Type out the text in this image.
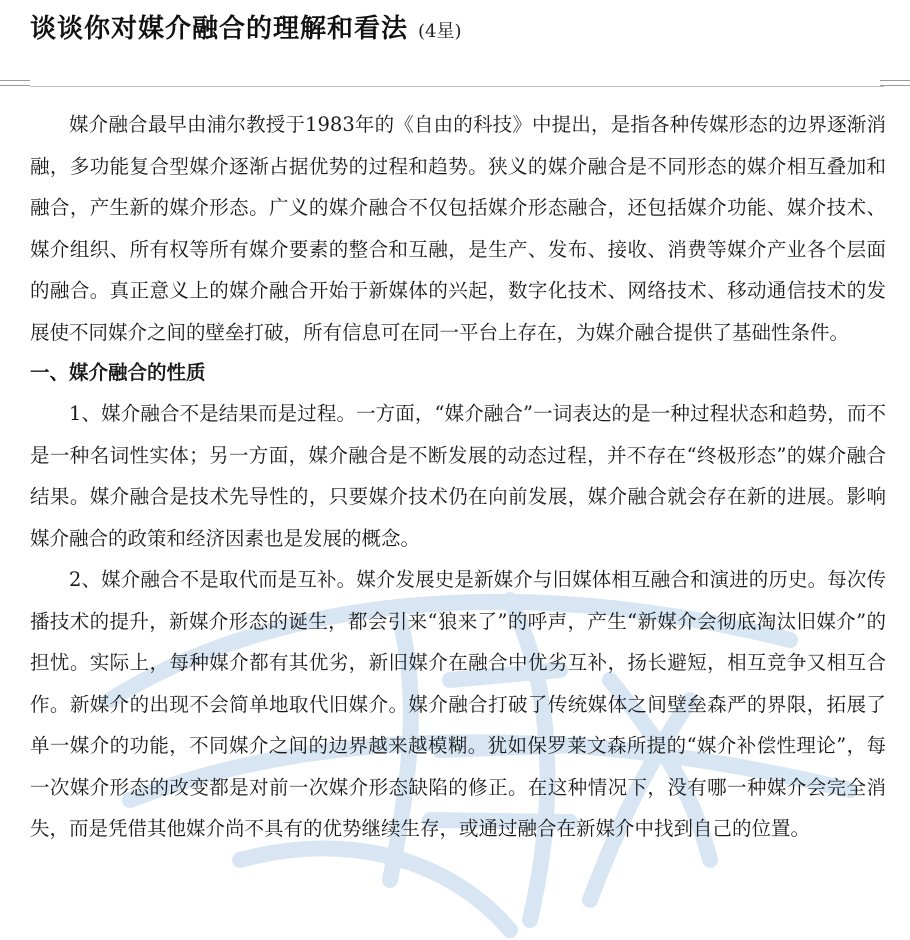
谈谈你对媒介融合的理解和看法 (4星)

媒介融合最早由浦尔教授于1983年的《自由的科技》中提出，是指各种传媒形态的边界逐渐消融，多功能复合型媒介逐渐占据优势的过程和趋势。狭义的媒介融合是不同形态的媒介相互叠加和融合，产生新的媒介形态。广义的媒介融合不仅包括媒介形态融合，还包括媒介功能、媒介技术、媒介组织、所有权等所有媒介要素的整合和互融，是生产、发布、接收、消费等媒介产业各个层面的融合。真正意义上的媒介融合开始于新媒体的兴起，数字化技术、网络技术、移动通信技术的发展使不同媒介之间的壁垒打破，所有信息可在同一平台上存在，为媒介融合提供了基础性条件。

一、媒介融合的性质

1、媒介融合不是结果而是过程。一方面，“媒介融合”一词表达的是一种过程状态和趋势，而不是一种名词性实体；另一方面，媒介融合是不断发展的动态过程，并不存在“终极形态”的媒介融合结果。媒介融合是技术先导性的，只要媒介技术仍在向前发展，媒介融合就会存在新的进展。影响媒介融合的政策和经济因素也是发展的概念。

2、媒介融合不是取代而是互补。媒介发展史是新媒介与旧媒体相互融合和演进的历史。每次传播技术的提升，新媒介形态的诞生，都会引来“狼来了”的呼声，产生“新媒介会彻底淘汰旧媒介”的担忧。实际上，每种媒介都有其优劣，新旧媒介在融合中优劣互补，扬长避短，相互竞争又相互合作。新媒介的出现不会简单地取代旧媒介。媒介融合打破了传统媒体之间壁垒森严的界限，拓展了单一媒介的功能，不同媒介之间的边界越来越模糊。犹如保罗莱文森所提的“媒介补偿性理论”，每一次媒介形态的改变都是对前一次媒介形态缺陷的修正。在这种情况下，没有哪一种媒介会完全消失，而是凭借其他媒介尚不具有的优势继续生存，或通过融合在新媒介中找到自己的位置。
